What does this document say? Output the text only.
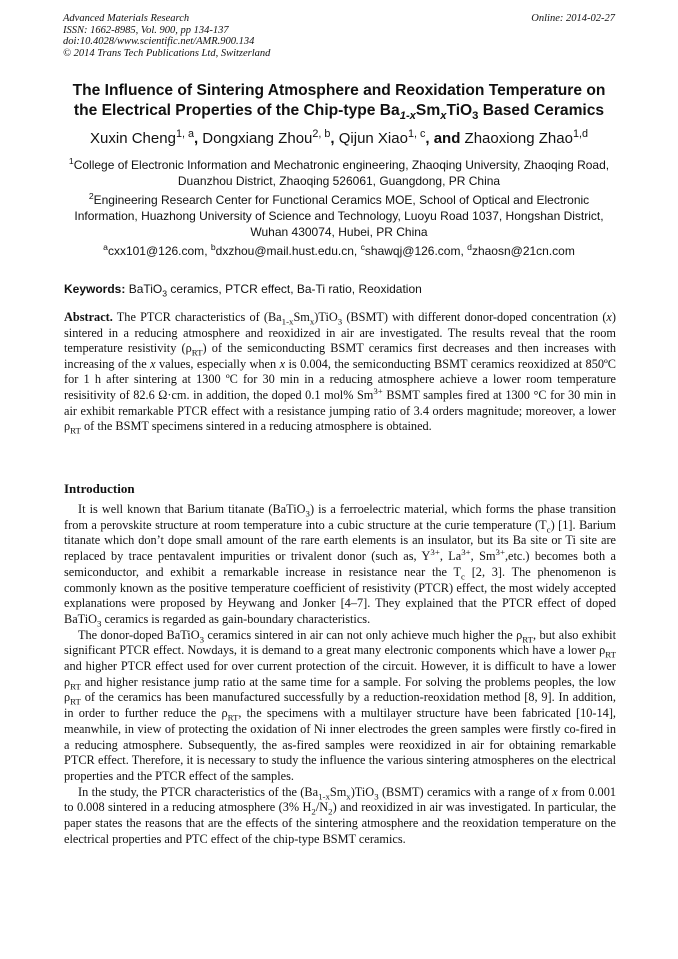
Advanced Materials Research
ISSN: 1662-8985, Vol. 900, pp 134-137
doi:10.4028/www.scientific.net/AMR.900.134
© 2014 Trans Tech Publications Ltd, Switzerland
Online: 2014-02-27
The Influence of Sintering Atmosphere and Reoxidation Temperature on
the Electrical Properties of the Chip-type $Ba_{1-x}Sm_xTiO_3$ Based Ceramics
Xuxin Cheng$^{1, a}$, Dongxiang Zhou$^{2, b}$, Qijun Xiao$^{1, c}$, and Zhaoxiong Zhao$^{1,d}$
$^1$College of Electronic Information and Mechatronic engineering, Zhaoqing University, Zhaoqing Road, Duanzhou District, Zhaoqing 526061, Guangdong, PR China
$^2$Engineering Research Center for Functional Ceramics MOE, School of Optical and Electronic Information, Huazhong University of Science and Technology, Luoyu Road 1037, Hongshan District, Wuhan 430074, Hubei, PR China
$^a$cxx101@126.com, $^b$dxzhou@mail.hust.edu.cn, $^c$shawqj@126.com, $^d$zhaosn@21cn.com
Keywords: BaTiO$_3$ ceramics, PTCR effect, Ba-Ti ratio, Reoxidation
Abstract. The PTCR characteristics of $(Ba_{1-x}Sm_x)TiO_3$ (BSMT) with different donor-doped concentration (x) sintered in a reducing atmosphere and reoxidized in air are investigated. The results reveal that the room temperature resistivity $(\rho_{RT})$ of the semiconducting BSMT ceramics first decreases and then increases with increasing of the x values, especially when x is 0.004, the semiconducting BSMT ceramics reoxidized at 850ºC for 1 h after sintering at 1300 ºC for 30 min in a reducing atmosphere achieve a lower room temperature resisitivity of 82.6 Ω·cm. in addition, the doped 0.1 mol% $Sm^{3+}$ BSMT samples fired at 1300 °C for 30 min in air exhibit remarkable PTCR effect with a resistance jumping ratio of 3.4 orders magnitude; moreover, a lower $\rho_{RT}$ of the BSMT specimens sintered in a reducing atmosphere is obtained.
Introduction

It is well known that Barium titanate (BaTiO$_3$) is a ferroelectric material, which forms the phase transition from a perovskite structure at room temperature into a cubic structure at the curie temperature $(T_c)$ [1]. Barium titanate which don’t dope small amount of the rare earth elements is an insulator, but its Ba site or Ti site are replaced by trace pentavalent impurities or trivalent donor (such as, $Y^{3+}$, $La^{3+}$, $Sm^{3+},etc$.) becomes both a semiconductor, and exhibit a remarkable increase in resistance near the $T_c$ [2, 3]. The phenomenon is commonly known as the positive temperature coefficient of resistivity (PTCR) effect, the most widely accepted explanations were proposed by Heywang and Jonker [4–7]. They explained that the PTCR effect of doped BaTiO$_3$ ceramics is regarded as gain-boundary characteristics.

The donor-doped BaTiO$_3$ ceramics sintered in air can not only achieve much higher the $\rho_{RT}$, but also exhibit significant PTCR effect. Nowdays, it is demand to a great many electronic components which have a lower $\rho_{RT}$ and higher PTCR effect used for over current protection of the circuit. However, it is difficult to have a lower $\rho_{RT}$ and higher resistance jump ratio at the same time for a sample. For solving the problems peoples, the low $\rho_{RT}$ of the ceramics has been manufactured successfully by a reduction-reoxidation method [8, 9]. In addition, in order to further reduce the $\rho_{RT}$, the specimens with a multilayer structure have been fabricated [10-14], meanwhile, in view of protecting the oxidation of Ni inner electrodes the green samples were firstly co-fired in a reducing atmosphere. Subsequently, the as-fired samples were reoxidized in air for obtaining remarkable PTCR effect. Therefore, it is necessary to study the influence the various sintering atmospheres on the electrical properties and the PTCR effect of the samples.

In the study, the PTCR characteristics of the $(Ba_{1-x}Sm_x)TiO_3$ (BSMT) ceramics with a range of x from 0.001 to 0.008 sintered in a reducing atmosphere (3% $H_2/N_2$) and reoxidized in air was investigated. In particular, the paper states the reasons that are the effects of the sintering atmosphere and the reoxidation temperature on the electrical properties and PTC effect of the chip-type BSMT ceramics.
